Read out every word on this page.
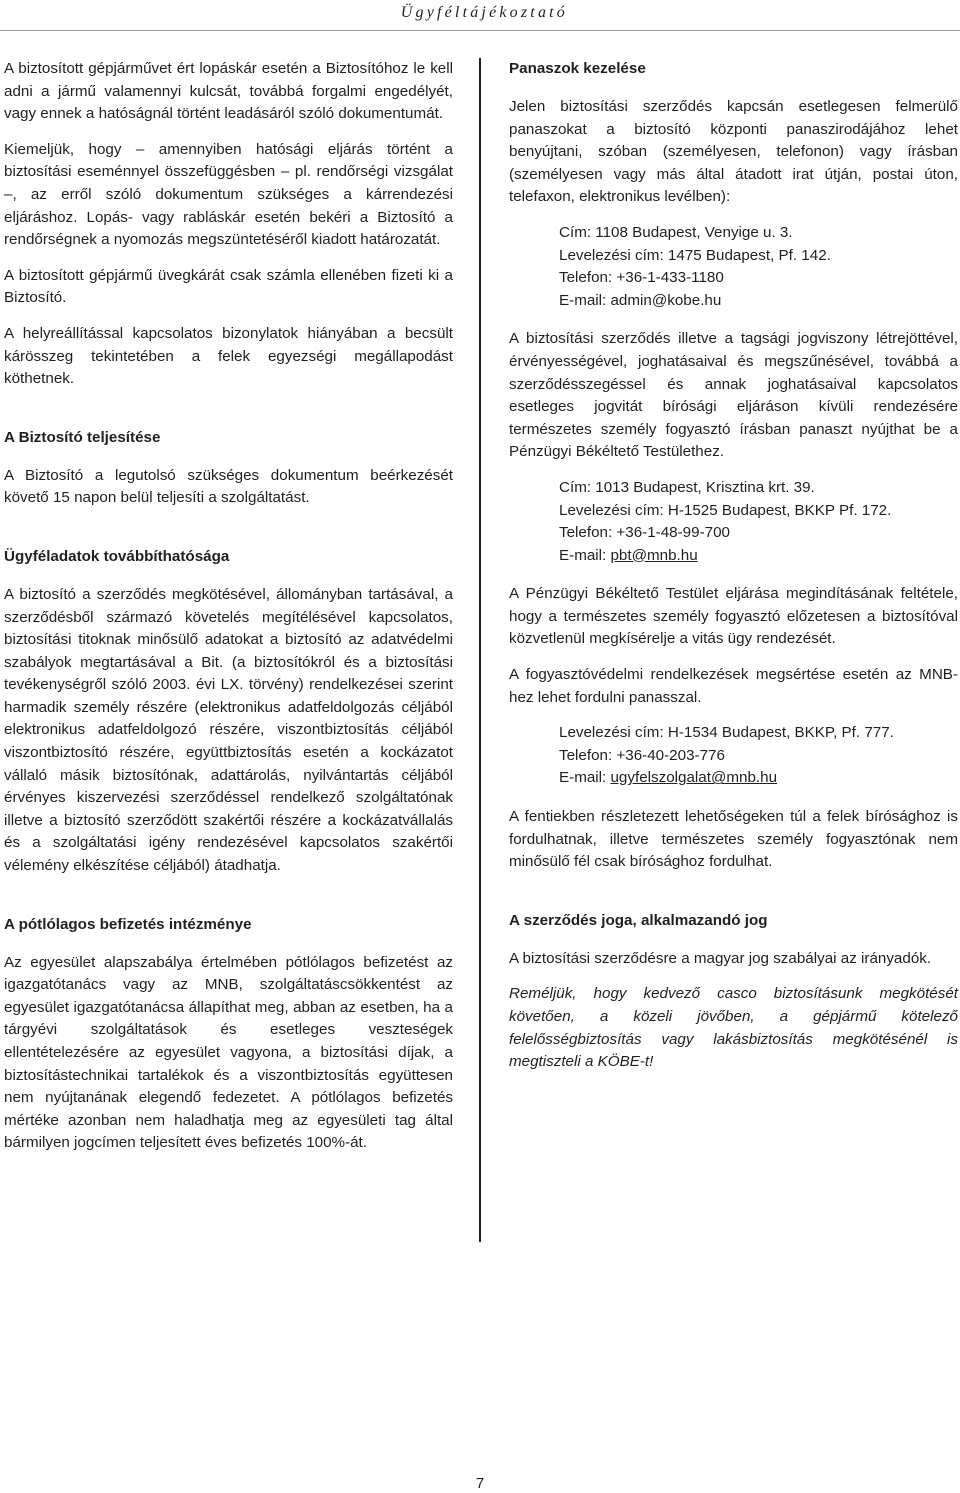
Ügyféltájékoztató

A biztosított gépjárművet ért lopáskár esetén a Biztosítóhoz le kell adni a jármű valamennyi kulcsát, továbbá forgalmi engedélyét, vagy ennek a hatóságnál történt leadásáról szóló dokumentumát.

Kiemeljük, hogy – amennyiben hatósági eljárás történt a biztosítási eseménnyel összefüggésben – pl. rendőrségi vizsgálat –, az erről szóló dokumentum szükséges a kárrendezési eljáráshoz. Lopás- vagy rabláskár esetén bekéri a Biztosító a rendőrségnek a nyomozás megszüntetéséről kiadott határozatát.

A biztosított gépjármű üvegkárát csak számla ellenében fizeti ki a Biztosító.

A helyreállítással kapcsolatos bizonylatok hiányában a becsült kárösszeg tekintetében a felek egyezségi megállapodást köthetnek.

A Biztosító teljesítése

A Biztosító a legutolsó szükséges dokumentum beérkezését követő 15 napon belül teljesíti a szolgáltatást.

Ügyféladatok továbbíthatósága

A biztosító a szerződés megkötésével, állományban tartásával, a szerződésből származó követelés megítélésével kapcsolatos, biztosítási titoknak minősülő adatokat a biztosító az adatvédelmi szabályok megtartásával a Bit. (a biztosítókról és a biztosítási tevékenységről szóló 2003. évi LX. törvény) rendelkezései szerint harmadik személy részére (elektronikus adatfeldolgozás céljából elektronikus adatfeldolgozó részére, viszontbiztosítás céljából viszontbiztosító részére, együttbiztosítás esetén a kockázatot vállaló másik biztosítónak, adattárolás, nyilvántartás céljából érvényes kiszervezési szerződéssel rendelkező szolgáltatónak illetve a biztosító szerződött szakértői részére a kockázatvállalás és a szolgáltatási igény rendezésével kapcsolatos szakértői vélemény elkészítése céljából) átadhatja.

A pótlólagos befizetés intézménye

Az egyesület alapszabálya értelmében pótlólagos befizetést az igazgatótanács vagy az MNB, szolgáltatáscsökkentést az egyesület igazgatótanácsa állapíthat meg, abban az esetben, ha a tárgyévi szolgáltatások és esetleges veszteségek ellentételezésére az egyesület vagyona, a biztosítási díjak, a biztosítástechnikai tartalékok és a viszontbiztosítás együttesen nem nyújtanának elegendő fedezetet. A pótlólagos befizetés mértéke azonban nem haladhatja meg az egyesületi tag által bármilyen jogcímen teljesített éves befizetés 100%-át.

Panaszok kezelése

Jelen biztosítási szerződés kapcsán esetlegesen felmerülő panaszokat a biztosító központi panaszirodájához lehet benyújtani, szóban (személyesen, telefonon) vagy írásban (személyesen vagy más által átadott irat útján, postai úton, telefaxon, elektronikus levélben):

Cím: 1108 Budapest, Venyige u. 3.
Levelezési cím: 1475 Budapest, Pf. 142.
Telefon: +36-1-433-1180
E-mail: admin@kobe.hu

A biztosítási szerződés illetve a tagsági jogviszony létrejöttével, érvényességével, joghatásaival és megszűnésével, továbbá a szerződésszegéssel és annak joghatásaival kapcsolatos esetleges jogvitát bírósági eljáráson kívüli rendezésére természetes személy fogyasztó írásban panaszt nyújthat be a Pénzügyi Békéltető Testülethez.

Cím: 1013 Budapest, Krisztina krt. 39.
Levelezési cím: H-1525 Budapest, BKKP Pf. 172.
Telefon: +36-1-48-99-700
E-mail: pbt@mnb.hu

A Pénzügyi Békéltető Testület eljárása megindításának feltétele, hogy a természetes személy fogyasztó előzetesen a biztosítóval közvetlenül megkísérelje a vitás ügy rendezését.

A fogyasztóvédelmi rendelkezések megsértése esetén az MNB-hez lehet fordulni panasszal.

Levelezési cím: H-1534 Budapest, BKKP, Pf. 777.
Telefon: +36-40-203-776
E-mail: ugyfelszolgalat@mnb.hu

A fentiekben részletezett lehetőségeken túl a felek bírósághoz is fordulhatnak, illetve természetes személy fogyasztónak nem minősülő fél csak bírósághoz fordulhat.

A szerződés joga, alkalmazandó jog

A biztosítási szerződésre a magyar jog szabályai az irányadók.

Reméljük, hogy kedvező casco biztosításunk megkötését követően, a közeli jövőben, a gépjármű kötelező felelősségbiztosítás vagy lakásbiztosítás megkötésénél is megtiszteli a KÖBE-t!

7
